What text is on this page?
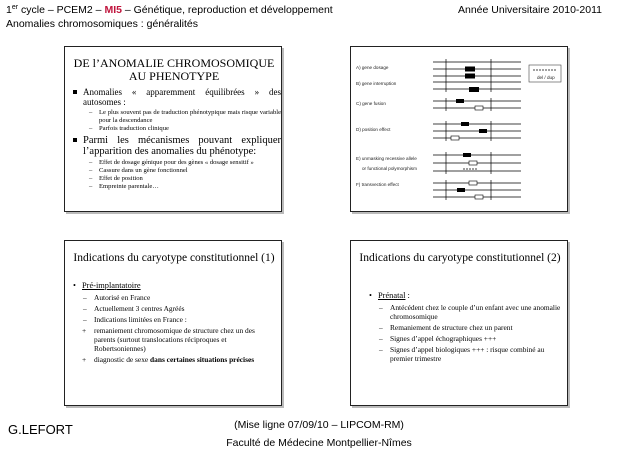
1er cycle – PCEM2 – MI5 – Génétique, reproduction et développement
Anomalies chromosomiques : généralités
Année Universitaire 2010-2011
DE l’ANOMALIE CHROMOSOMIQUE
AU PHENOTYPE
Anomalies « apparemment équilibrées » des autosomes :
– Le plus souvent pas de traduction phénotypique mais risque variable pour la descendance
– Parfois traduction clinique
Parmi les mécanismes pouvant expliquer l’apparition des anomalies du phénotype:
– Effet de dosage génique pour des gènes « dosage sensitif »
– Cassure dans un gène fonctionnel
– Effet de position
– Empreinte parentale…
A) gene dosage
B) gene interruption
C) gene fusion
D) position effect
E) unmasking recessive allele
or functional polymorphism
F) transvection effect
del / dup
Indications du caryotype constitutionnel (1)
• Pré-implantatoire
– Autorisé en France
– Actuellement 3 centres Agréés
– Indications limitées en France :
+ remaniement chromosomique de structure chez un des parents (surtout translocations réciproques et Robertsoniennes)
+ diagnostic de sexe dans certaines situations précises
Indications du caryotype constitutionnel (2)
• Prénatal :
– Antécédent chez le couple d’un enfant avec une anomalie chromosomique
– Remaniement de structure chez un parent
– Signes d’appel échographiques +++
– Signes d’appel biologiques +++ : risque combiné au premier trimestre
G.LEFORT	(Mise ligne 07/09/10 – LIPCOM-RM)
Faculté de Médecine Montpellier-Nîmes
